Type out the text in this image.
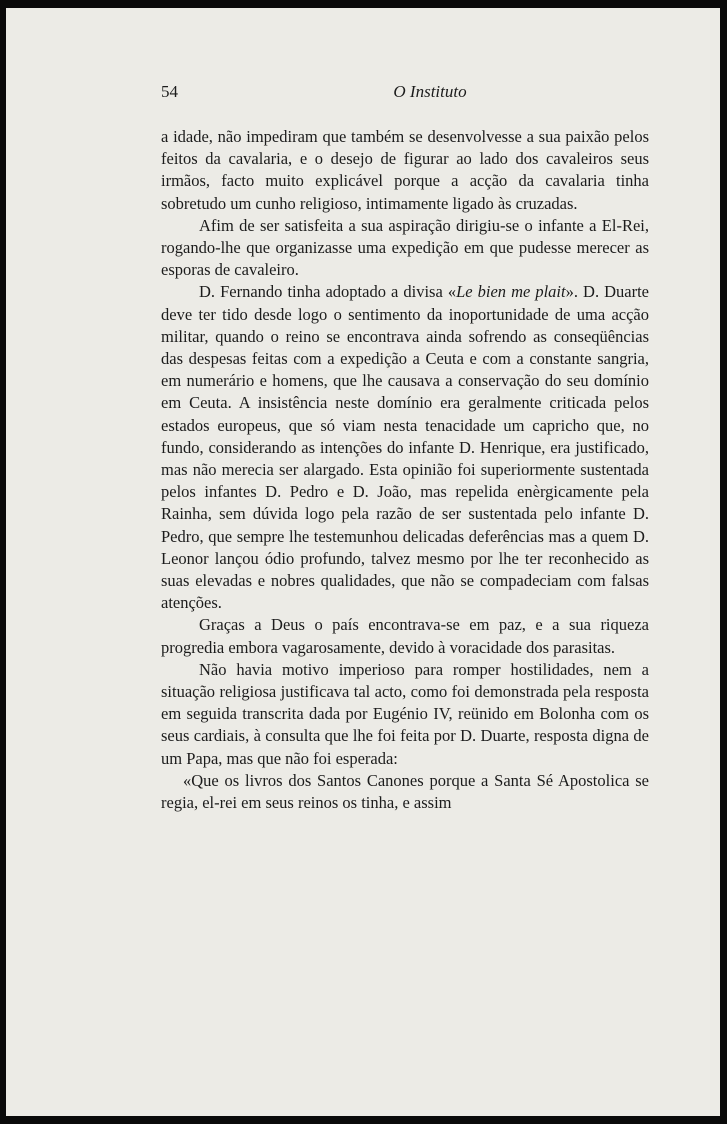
54	O Instituto

a idade, não impediram que também se desenvolvesse a sua paixão pelos feitos da cavalaria, e o desejo de figurar ao lado dos cavaleiros seus irmãos, facto muito explicável porque a acção da cavalaria tinha sobretudo um cunho religioso, intimamente ligado às cruzadas.

Afim de ser satisfeita a sua aspiração dirigiu-se o infante a El-Rei, rogando-lhe que organizasse uma expedição em que pudesse merecer as esporas de cavaleiro.

D. Fernando tinha adoptado a divisa «Le bien me plait». D. Duarte deve ter tido desde logo o sentimento da inoportunidade de uma acção militar, quando o reino se encontrava ainda sofrendo as conseqüências das despesas feitas com a expedição a Ceuta e com a constante sangria, em numerário e homens, que lhe causava a conservação do seu domínio em Ceuta. A insistência neste domínio era geralmente criticada pelos estados europeus, que só viam nesta tenacidade um capricho que, no fundo, considerando as intenções do infante D. Henrique, era justificado, mas não merecia ser alargado. Esta opinião foi superiormente sustentada pelos infantes D. Pedro e D. João, mas repelida enèrgicamente pela Rainha, sem dúvida logo pela razão de ser sustentada pelo infante D. Pedro, que sempre lhe testemunhou delicadas deferências mas a quem D. Leonor lançou ódio profundo, talvez mesmo por lhe ter reconhecido as suas elevadas e nobres qualidades, que não se compadeciam com falsas atenções.

Graças a Deus o país encontrava-se em paz, e a sua riqueza progredia embora vagarosamente, devido à voracidade dos parasitas.

Não havia motivo imperioso para romper hostilidades, nem a situação religiosa justificava tal acto, como foi demonstrada pela resposta em seguida transcrita dada por Eugénio IV, reünido em Bolonha com os seus cardiais, à consulta que lhe foi feita por D. Duarte, resposta digna de um Papa, mas que não foi esperada:

«Que os livros dos Santos Canones porque a Santa Sé Apostolica se regia, el-rei em seus reinos os tinha, e assim
